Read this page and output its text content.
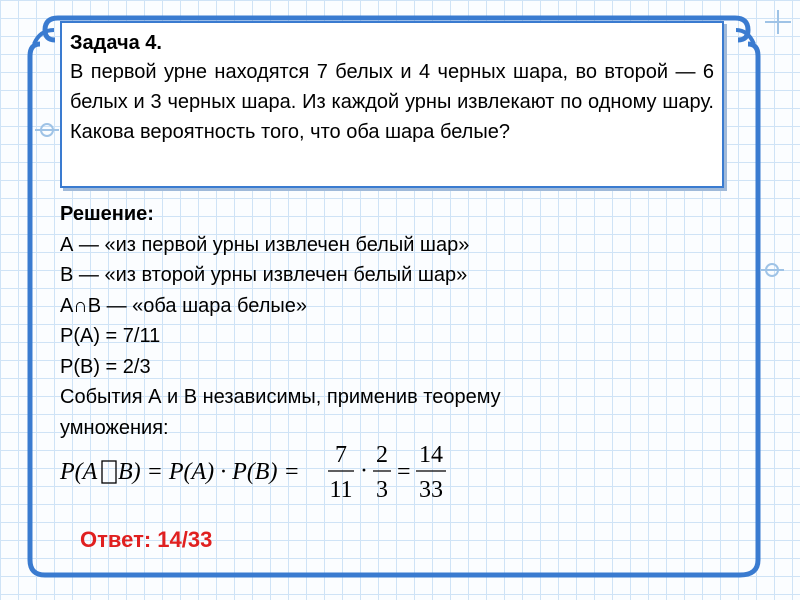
Задача 4.
В первой урне находятся 7 белых и 4 черных шара, во второй — 6 белых и 3 черных шара. Из каждой урны извлекают по одному шару. Какова вероятность того, что оба шара белые?
Решение:
А — «из первой урны извлечен белый шар»
В — «из второй урны извлечен белый шар»
А∩В — «оба шара белые»
P(A) = 7/11
P(B) = 2/3
События А и В независимы, применив теорему
умножения:
P(A B) = P(A) · P(B) =
7
11
·
2
3
=
14
33
Ответ: 14/33
